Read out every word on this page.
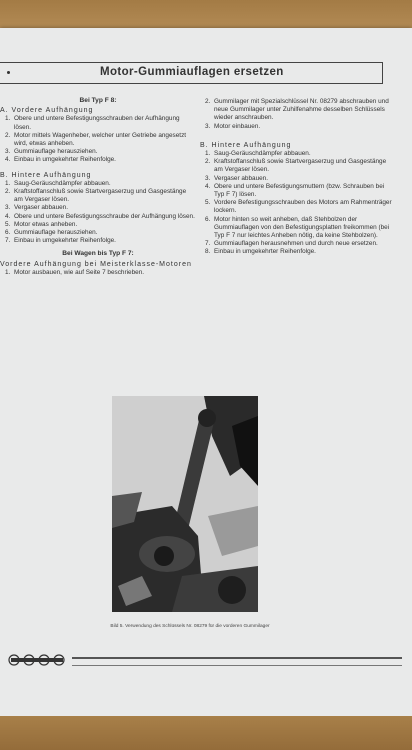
Motor-Gummiauflagen ersetzen
Bei Typ F 8:
A. Vordere Aufhängung
1. Obere und untere Befestigungsschrauben der Aufhängung lösen.
2. Motor mittels Wagenheber, welcher unter Getriebe angesetzt wird, etwas anheben.
3. Gummiauflage herausziehen.
4. Einbau in umgekehrter Reihenfolge.
B. Hintere Aufhängung
1. Saug-Geräuschdämpfer abbauen.
2. Kraftstoffanschluß sowie Startvergaserzug und Gasgestänge am Vergaser lösen.
3. Vergaser abbauen.
4. Obere und untere Befestigungsschraube der Aufhängung lösen.
5. Motor etwas anheben.
6. Gummiauflage herausziehen.
7. Einbau in umgekehrter Reihenfolge.
Bei Wagen bis Typ F 7:
Vordere Aufhängung bei Meisterklasse-Motoren
1. Motor ausbauen, wie auf Seite 7 beschrieben.
2. Gummilager mit Spezialschlüssel Nr. 08279 abschrauben und neue Gummilager unter Zuhilfenahme desselben Schlüssels wieder anschrauben.
3. Motor einbauen.
B. Hintere Aufhängung
1. Saug-Geräuschdämpfer abbauen.
2. Kraftstoffanschluß sowie Startvergaserzug und Gasgestänge am Vergaser lösen.
3. Vergaser abbauen.
4. Obere und untere Befestigungsmuttern (bzw. Schrauben bei Typ F 7) lösen.
5. Vordere Befestigungsschrauben des Motors am Rahmenträger lockern.
6. Motor hinten so weit anheben, daß Stehbolzen der Gummiauflagen von den Befestigungsplatten freikommen (bei Typ F 7 nur leichtes Anheben nötig, da keine Stehbolzen).
7. Gummiauflagen herausnehmen und durch neue ersetzen.
8. Einbau in umgekehrter Reihenfolge.
Bild 5. Verwendung des Schlüssels Nr. 08279 für die vorderen Gummilager
